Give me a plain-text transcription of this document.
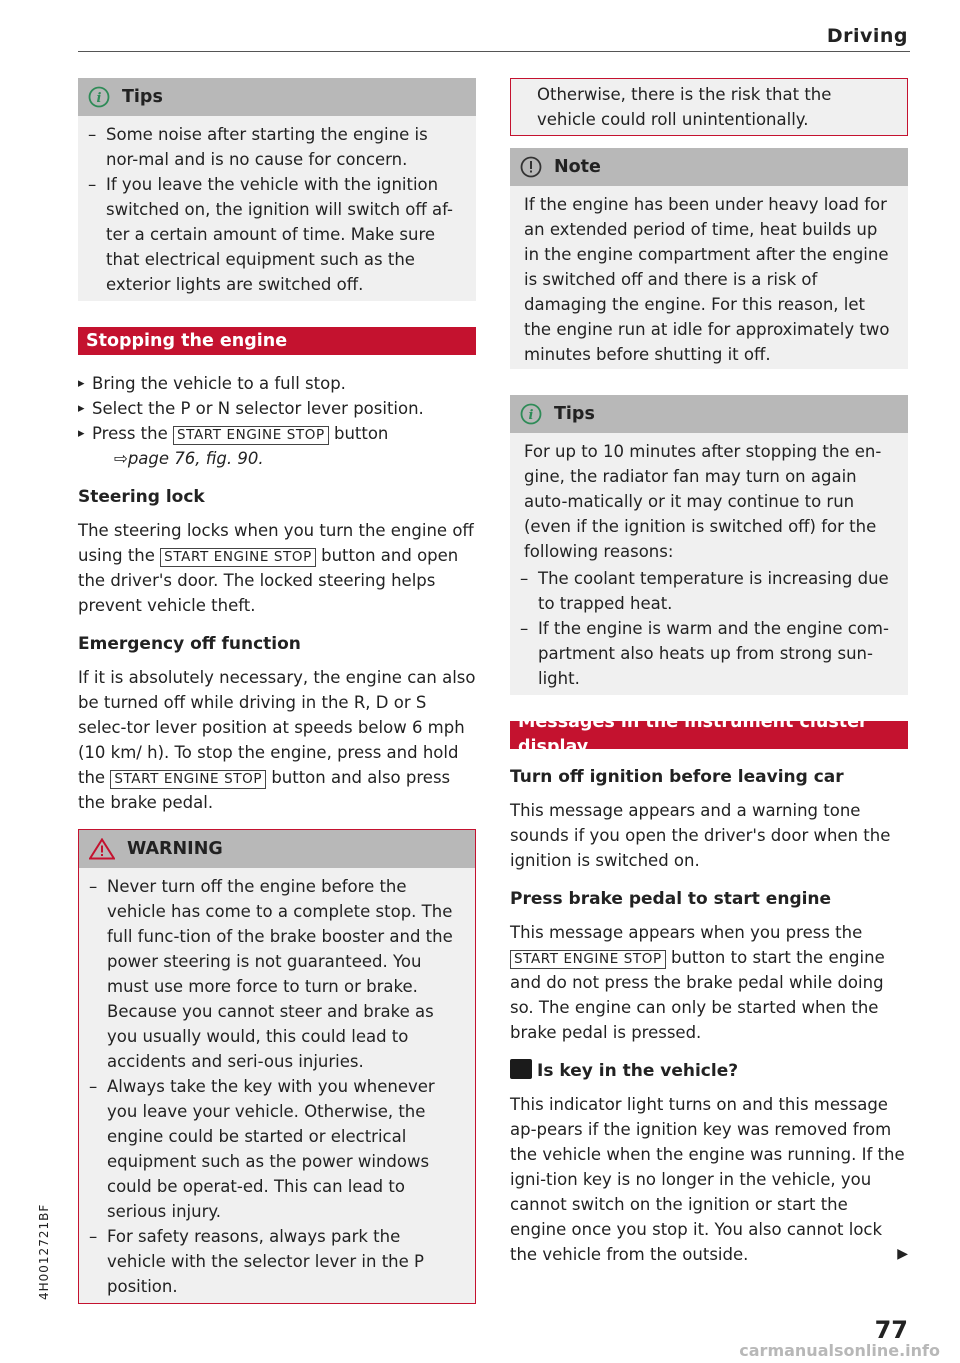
Driving
i Tips
– Some noise after starting the engine is nor-mal and is no cause for concern.
– If you leave the vehicle with the ignition switched on, the ignition will switch off af-ter a certain amount of time. Make sure that electrical equipment such as the exterior lights are switched off.
Stopping the engine
▸ Bring the vehicle to a full stop.
▸ Select the P or N selector lever position.
▸ Press the START ENGINE STOP button
⇨page 76, fig. 90.
Steering lock

The steering locks when you turn the engine off using the START ENGINE STOP button and open the driver's door. The locked steering helps prevent vehicle theft.

Emergency off function

If it is absolutely necessary, the engine can also be turned off while driving in the R, D or S selec-tor lever position at speeds below 6 mph (10 km/ h). To stop the engine, press and hold the START ENGINE STOP button and also press the brake pedal.

WARNING
– Never turn off the engine before the vehicle has come to a complete stop. The full func-tion of the brake booster and the power steering is not guaranteed. You must use more force to turn or brake. Because you cannot steer and brake as you usually would, this could lead to accidents and seri-ous injuries.
– Always take the key with you whenever you leave your vehicle. Otherwise, the engine could be started or electrical equipment such as the power windows could be operat-ed. This can lead to serious injury.
– For safety reasons, always park the vehicle with the selector lever in the P position.
Otherwise, there is the risk that the vehicle could roll unintentionally.
Note

If the engine has been under heavy load for an extended period of time, heat builds up in the engine compartment after the engine is switched off and there is a risk of damaging the engine. For this reason, let the engine run at idle for approximately two minutes before shutting it off.

i Tips

For up to 10 minutes after stopping the en-gine, the radiator fan may turn on again auto-matically or it may continue to run (even if the ignition is switched off) for the following reasons:

– The coolant temperature is increasing due to trapped heat.
– If the engine is warm and the engine com-partment also heats up from strong sun-light.
Messages in the instrument cluster display
Turn off ignition before leaving car

This message appears and a warning tone sounds if you open the driver's door when the ignition is switched on.

Press brake pedal to start engine

This message appears when you press the START ENGINE STOP button to start the engine and do not press the brake pedal while doing so. The engine can only be started when the brake pedal is pressed.

Is key in the vehicle?

This indicator light turns on and this message ap-pears if the ignition key was removed from the vehicle when the engine was running. If the igni-tion key is no longer in the vehicle, you cannot switch on the ignition or start the engine once you stop it. You also cannot lock the vehicle from the outside.	▶

4H0012721BF
77
carmanualsonline.info
